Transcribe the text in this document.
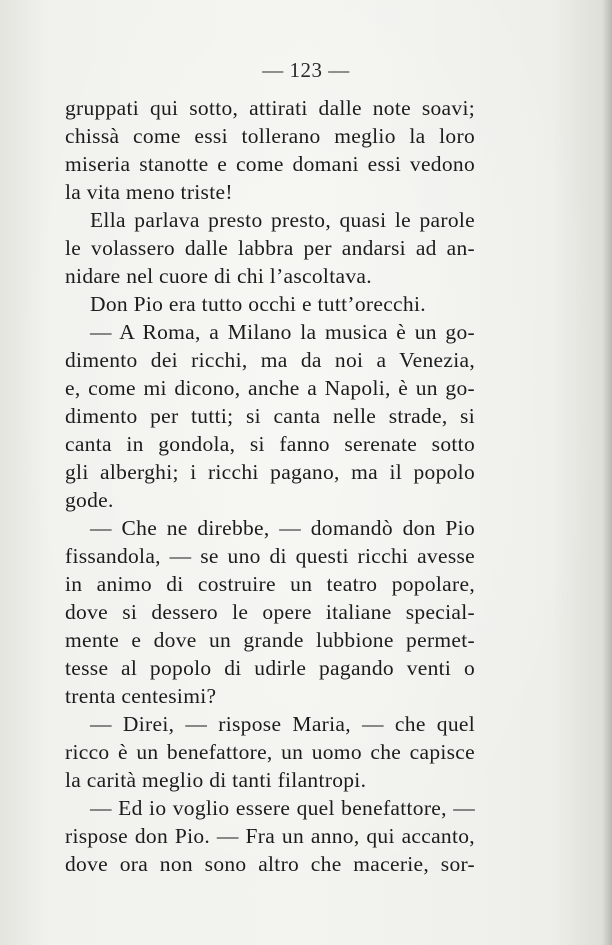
— 123 —
gruppati qui sotto, attirati dalle note soavi;
chissà come essi tollerano meglio la loro
miseria stanotte e come domani essi vedono
la vita meno triste!
Ella parlava presto presto, quasi le parole
le volassero dalle labbra per andarsi ad an-
nidare nel cuore di chi l’ascoltava.
Don Pio era tutto occhi e tutt’orecchi.
— A Roma, a Milano la musica è un go-
dimento dei ricchi, ma da noi a Venezia,
e, come mi dicono, anche a Napoli, è un go-
dimento per tutti; si canta nelle strade, si
canta in gondola, si fanno serenate sotto
gli alberghi; i ricchi pagano, ma il popolo
gode.
— Che ne direbbe, — domandò don Pio
fissandola, — se uno di questi ricchi avesse
in animo di costruire un teatro popolare,
dove si dessero le opere italiane special-
mente e dove un grande lubbione permet-
tesse al popolo di udirle pagando venti o
trenta centesimi?
— Direi, — rispose Maria, — che quel
ricco è un benefattore, un uomo che capisce
la carità meglio di tanti filantropi.
— Ed io voglio essere quel benefattore, —
rispose don Pio. — Fra un anno, qui accanto,
dove ora non sono altro che macerie, sor-
